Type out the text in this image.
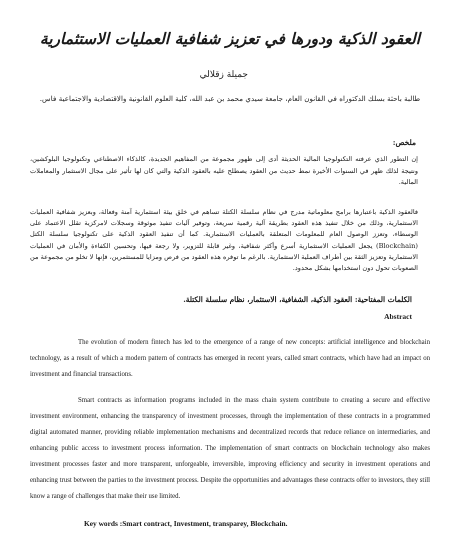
العقود الذكية ودورها في تعزيز شفافية العمليات الاستثمارية
جميلة زقلالي
طالبة باحثة بسلك الدكتوراه في القانون العام، جامعة سيدي محمد بن عبد الله، كلية العلوم القانونية والاقتصادية والاجتماعية فاس.
ملخص:
إن التطور الذي عرفته التكنولوجيا المالية الحديثة أدى إلى ظهور مجموعة من المفاهيم الجديدة، كالذكاء الاصطناعي وتكنولوجيا البلوكشين، ونتيجة لذلك ظهر في السنوات الأخيرة نمط حديث من العقود يصطلح عليه بالعقود الذكية والتي كان لها تأثير على مجال الاستثمار والمعاملات المالية.
فالعقود الذكية باعتبارها برامج معلوماتية مدرج في نظام سلسلة الكتلة تساهم في خلق بيئة استثمارية آمنة وفعالة، وبعزيز شفافية العمليات الاستثمارية، وذلك من خلال تنفيذ هذه العقود بطريقة آلية رقمية سريعة، وتوفير آليات تنفيذ موثوقة وسجلات لامركزية تقلل الاعتماد على الوسطاء، وتعزز الوصول العام للمعلومات المتعلقة بالعمليات الاستثمارية. كما أن تنفيذ العقود الذكية على تكنولوجيا سلسلة الكتل (Blockchain) يجعل العمليات الاستثمارية أسرع وأكثر شفافية، وغير قابلة للتزوير، ولا رجعة فيها، وتحسين الكفاءة والأمان في العمليات الاستثمارية وتعزيز الثقة بين أطراف العملية الاستثمارية. بالرغم ما توفره هذه العقود من فرص ومزايا للمستثمرين، فإنها لا تخلو من مجموعة من الصعوبات تحول دون استخدامها بشكل محدود.
الكلمات المفتاحية: العقود الذكية، الشفافية، الاستثمار، نظام سلسلة الكتلة.
Abstract
The evolution of modern fintech has led to the emergence of a range of new concepts: artificial intelligence and blockchain technology, as a result of which a modern pattern of contracts has emerged in recent years, called smart contracts, which have had an impact on investment and financial transactions.
Smart contracts as information programs included in the mass chain system contribute to creating a secure and effective investment environment, enhancing the transparency of investment processes, through the implementation of these contracts in a programmed digital automated manner, providing reliable implementation mechanisms and decentralized records that reduce reliance on intermediaries, and enhancing public access to investment process information. The implementation of smart contracts on blockchain technology also makes investment processes faster and more transparent, unforgeable, irreversible, improving efficiency and security in investment operations and enhancing trust between the parties to the investment process. Despite the opportunities and advantages these contracts offer to investors, they still know a range of challenges that make their use limited.
Key words :Smart contract, Investment, transparey, Blockchain.
